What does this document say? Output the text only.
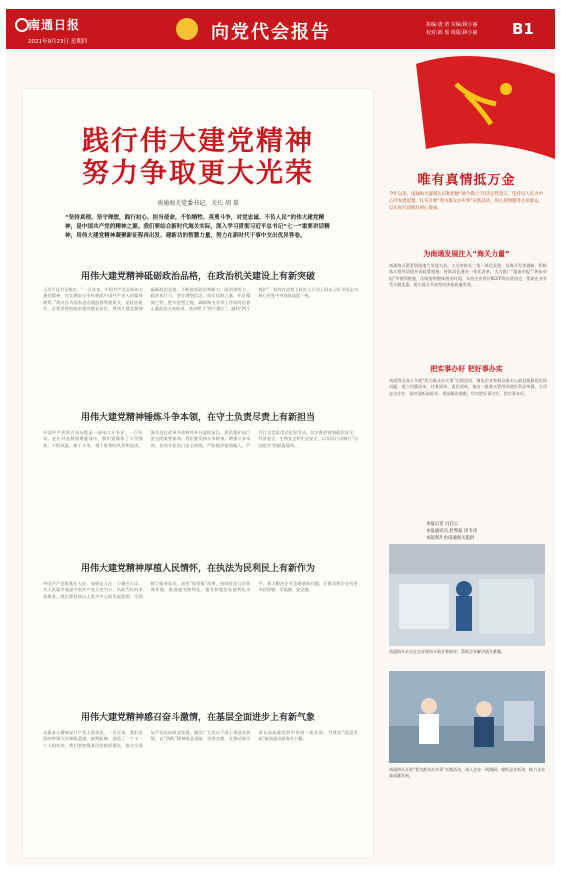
南通日报
2021年9月23日 星期四	向党代会报告	执编:唐 清 实编:顾小丽
校对:薛 瑶 组版:顾小丽 B1
践行伟大建党精神
努力争取更大光荣
南通海关党委书记、关长 胡 璟
“坚持真理、坚守理想，践行初心、担当使命，不怕牺牲、英勇斗争，对党忠诚、不负人民”的伟大建党精神，是中国共产党的精神之源。我们要结合新时代海关实际，深入学习贯彻习近平总书记“七一”重要讲话精神，用伟大建党精神凝聚新征程再出发、建新功的智慧力量，努力在新时代干事中交出优异答卷。
用伟大建党精神砥砺政治品格，在政治机关建设上有新突破
习近平总书记指出：“一百年来，中国共产党弘扬伟大建党精神，在长期奋斗中构建起中国共产党人的精神谱系。”海关作为国家进出境监督管理机关，是政治机关，必须坚持把政治建设摆在首位，用伟大建党精神砥砺政治品格，不断提高政治判断力、政治领悟力、政治执行力。坚定理想信念，筑牢信仰之基，补足精神之钙，把牢思想之舵，确保海关各项工作始终沿着正确政治方向前进。坚决捍卫“两个确立”，做到“两个维护”，始终在思想上政治上行动上同以习近平同志为核心的党中央保持高度一致。
用伟大建党精神锤炼斗争本领，在守土负责尽责上有新担当
中国共产党的百年历程是一部伟大斗争史。一百年来，在应对各种困难挑战中，我们党锤炼了不畏强敌、不惧风险、敢于斗争、勇于胜利的风骨和品质。海关处在改革开放和对外开放的前沿，肩负维护国门安全的重要使命。我们要发扬斗争精神，增强斗争本领，坚决守住国门安全底线，严防境外疫情输入，严厉打击走私违法犯罪活动，切实维护国家政治安全、经济安全、生物安全和生态安全，以实际行动践行“为国把关”的职责使命。
用伟大建党精神厚植人民情怀，在执法为民利民上有新作为
中国共产党根基在人民、血脉在人民、力量在人民。为人民谋幸福是中国共产党立党为公、执政为民的本质要求。我们要坚持以人民为中心的发展思想，牢固树立服务意识，深化“放管服”改革，持续优化口岸营商环境，推进通关便利化，提升跨境贸易便利化水平，着力解决企业急难愁盼问题，让群众和企业有更多获得感、幸福感、安全感。
用伟大建党精神感召奋斗激情，在基层全面进步上有新气象
永葆奋斗精神是共产党人的本色。一百年来，我们党团结带领人民筚路蓝缕、披荆斩棘，创造了一个又一个人间奇迹。我们要加强基层党组织建设，推动全面从严治党向纵深发展，激发广大党员干部干事创业热情，以“四敢”精神锐意进取、攻坚克难，在推动海关事业高质量发展中争创一流业绩，为建设“强富美高”新南通贡献海关力量。
唯有真情抵万金
今年以来，南通海关深刻认识和把握“两个确立”的决定性意义，坚持以人民为中心的发展思想，扎实开展“我为群众办实事”实践活动，用心用情服务企业群众，以实际行动践行初心使命。
为南通发展注入“海关力量”
南通海关紧紧围绕地方发展大局，主动对接长三角一体化发展、沿海开发等战略，积极落实稳外贸稳外资政策措施。持续深化通关一体化改革，大力推广“提前申报”“两步申报”等便利措施，压缩货物整体通关时间。支持企业用好RCEP等自贸协定，帮助企业享受关税优惠，助力地方开放型经济高质量发展。
把实事办好 把好事办实
南通海关深入开展“我为群众办实事”实践活动，聚焦企业和群众最关心最直接最现实的问题，建立问题清单、任务清单、责任清单，推出一批务实管用的便民利企举措。主动走访企业，面对面听取诉求，现场解决难题，切实把好事办实、把实事办好。
本报记者 冯启云
本报通讯员 赵秀茹 谈韦涛
本版图片由南通海关提供
南通海关关员在企业现场开展业务指导，帮助企业解决通关难题。
南通海关开展“我为群众办实事”实践活动，深入企业一线调研，倾听企业诉求，助力企业高质量发展。
